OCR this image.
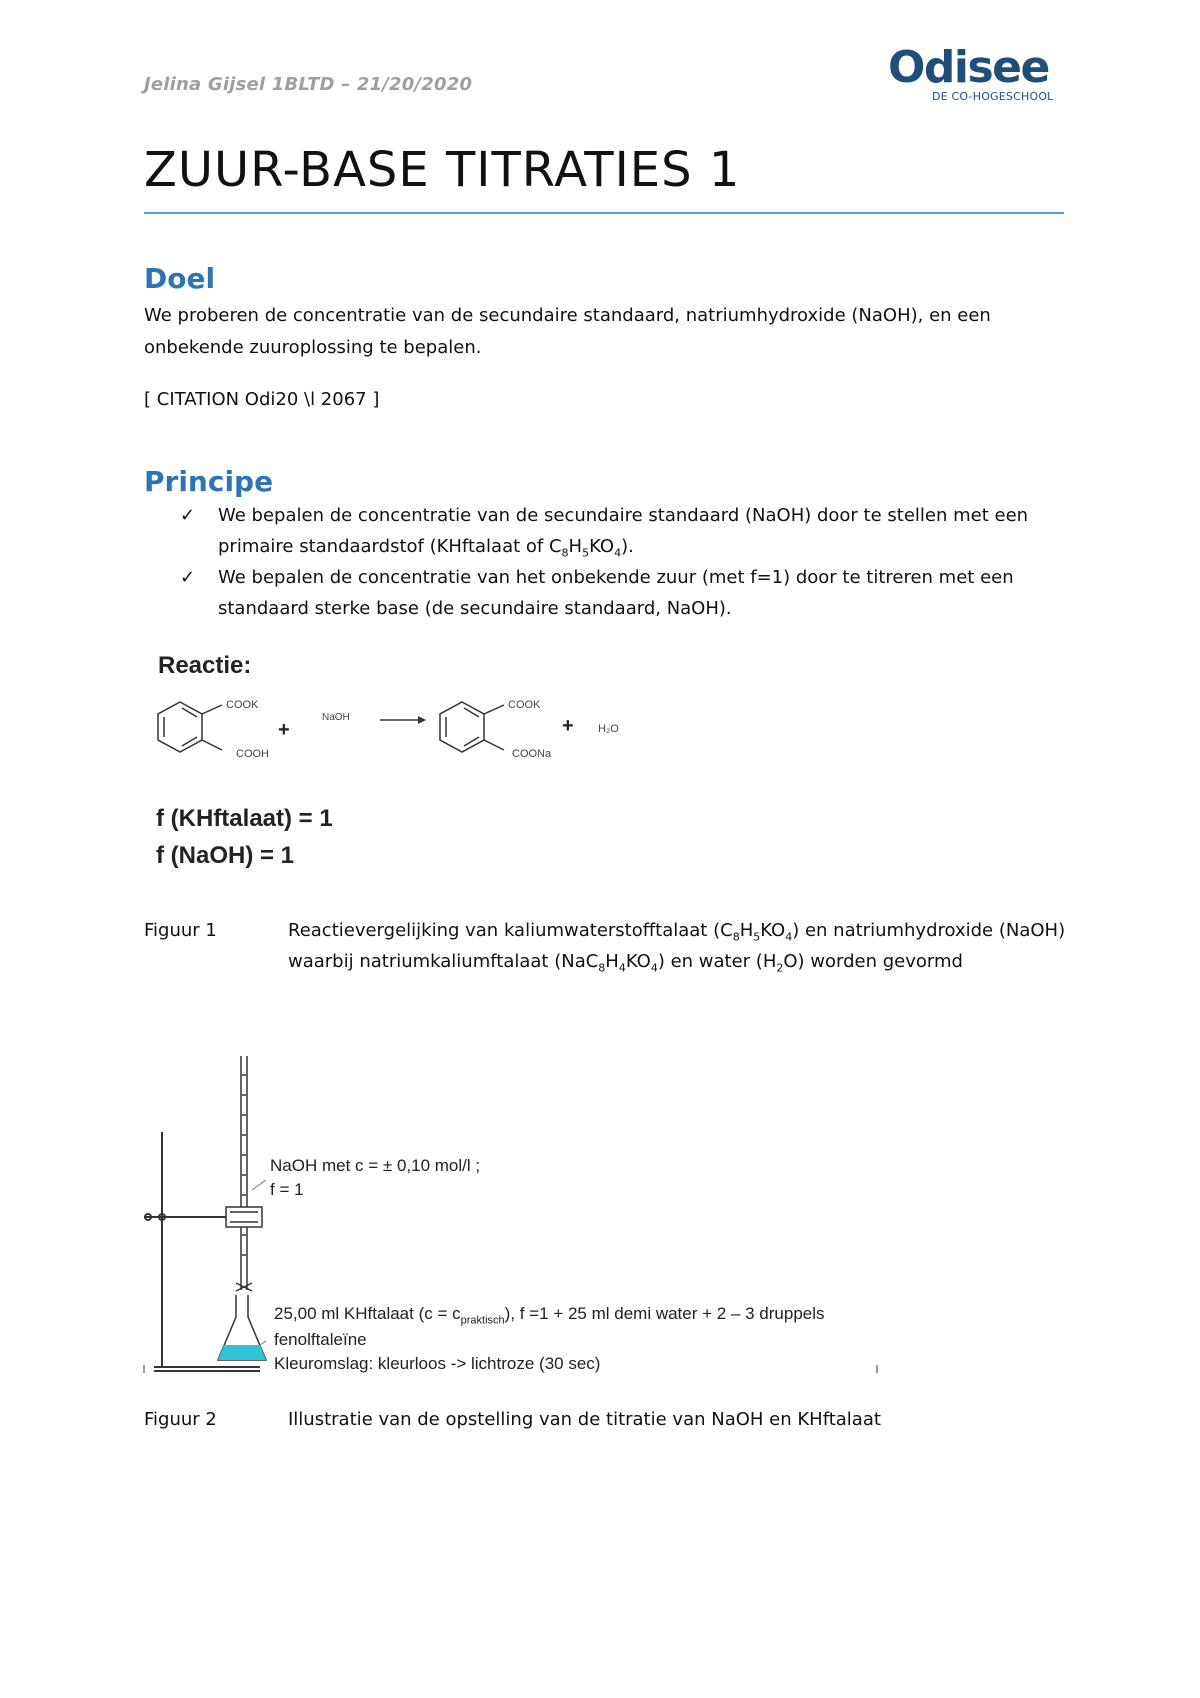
Jelina Gijsel 1BLTD – 21/20/2020	Odisee
DE CO-HOGESCHOOL
ZUUR-BASE TITRATIES 1
Doel
We proberen de concentratie van de secundaire standaard, natriumhydroxide (NaOH), en een
onbekende zuuroplossing te bepalen.
[ CITATION Odi20 \l 2067 ]
Principe
✓ We bepalen de concentratie van de secundaire standaard (NaOH) door te stellen met een
primaire standaardstof (KHftalaat of $C_8H_5KO_4$).
✓ We bepalen de concentratie van het onbekende zuur (met f=1) door te titreren met een
standaard sterke base (de secundaire standaard, NaOH).
Reactie:
COOK
COOH
+
NaOH
COOK
COONa
+ H₂O
f (KHftalaat) = 1
f (NaOH) = 1
Figuur 1	Reactievergelijking van kaliumwaterstofftalaat $(C_8H_5KO_4)$ en natriumhydroxide (NaOH)
waarbij natriumkaliumftalaat $(NaC_8H_4KO_4)$ en water $(H_2O)$ worden gevormd
NaOH met c = ± 0,10 mol/l ;
f = 1
25,00 ml KHftalaat $(c = c_{praktisch})$, f =1 + 25 ml demi water + 2 – 3 druppels
fenolftaleïne
Kleuromslag: kleurloos -> lichtroze (30 sec)
Figuur 2	Illustratie van de opstelling van de titratie van NaOH en KHftalaat
